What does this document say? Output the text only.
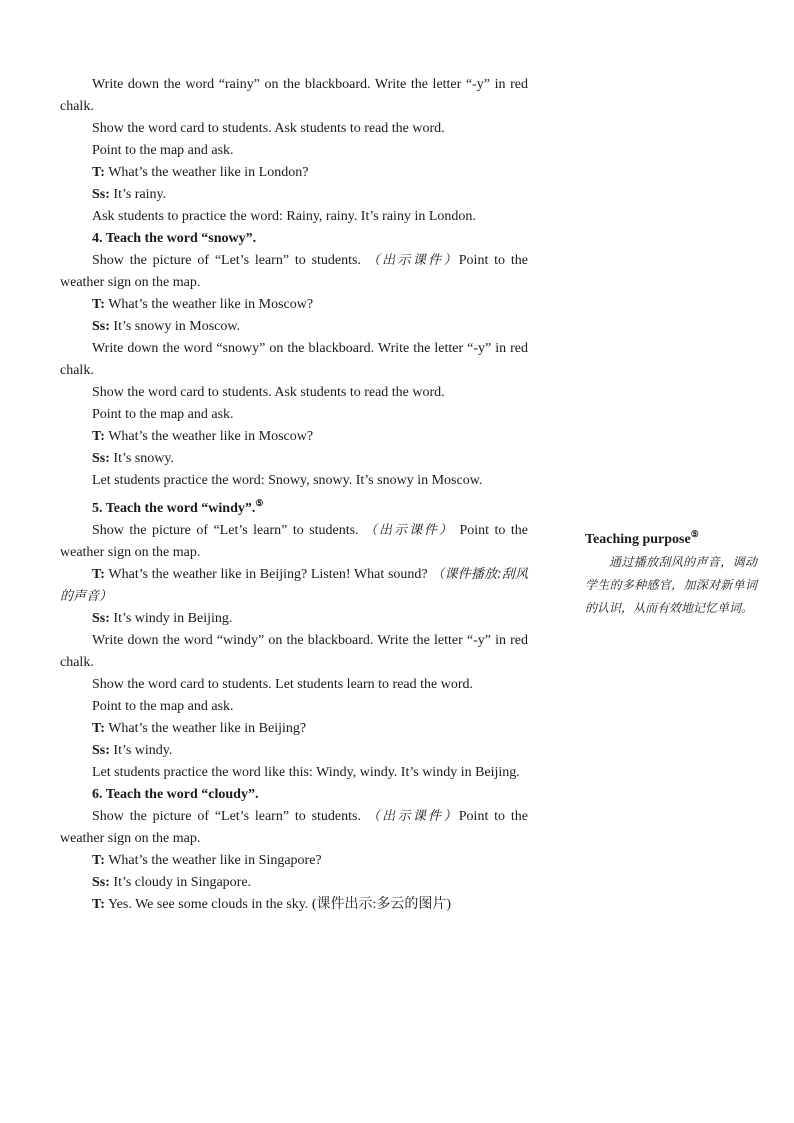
Write down the word “rainy” on the blackboard. Write the letter “-y” in red chalk.

Show the word card to students. Ask students to read the word.

Point to the map and ask.

T: What’s the weather like in London?

Ss: It’s rainy.

Ask students to practice the word: Rainy, rainy. It’s rainy in London.

4. Teach the word “snowy”.

Show the picture of “Let’s learn” to students. （出示课件）Point to the weather sign on the map.

T: What’s the weather like in Moscow?

Ss: It’s snowy in Moscow.

Write down the word “snowy” on the blackboard. Write the letter “-y” in red chalk.

Show the word card to students. Ask students to read the word.

Point to the map and ask.

T: What’s the weather like in Moscow?

Ss: It’s snowy.

Let students practice the word: Snowy, snowy. It’s snowy in Moscow.

5. Teach the word “windy”.⑤

Show the picture of “Let’s learn” to students. （出示课件） Point to the weather sign on the map.

T: What’s the weather like in Beijing? Listen! What sound? （课件播放:刮风的声音）

Ss: It’s windy in Beijing.

Write down the word “windy” on the blackboard. Write the letter “-y” in red chalk.

Show the word card to students. Let students learn to read the word.

Point to the map and ask.

T: What’s the weather like in Beijing?

Ss: It’s windy.

Let students practice the word like this: Windy, windy. It’s windy in Beijing.

6. Teach the word “cloudy”.

Show the picture of “Let’s learn” to students. （出示课件）Point to the weather sign on the map.

T: What’s the weather like in Singapore?

Ss: It’s cloudy in Singapore.

T: Yes. We see some clouds in the sky. (课件出示:多云的图片)

Teaching purpose⑤
通过播放刮风的声音，调动学生的多种感官，加深对新单词的认识，从而有效地记忆单词。
